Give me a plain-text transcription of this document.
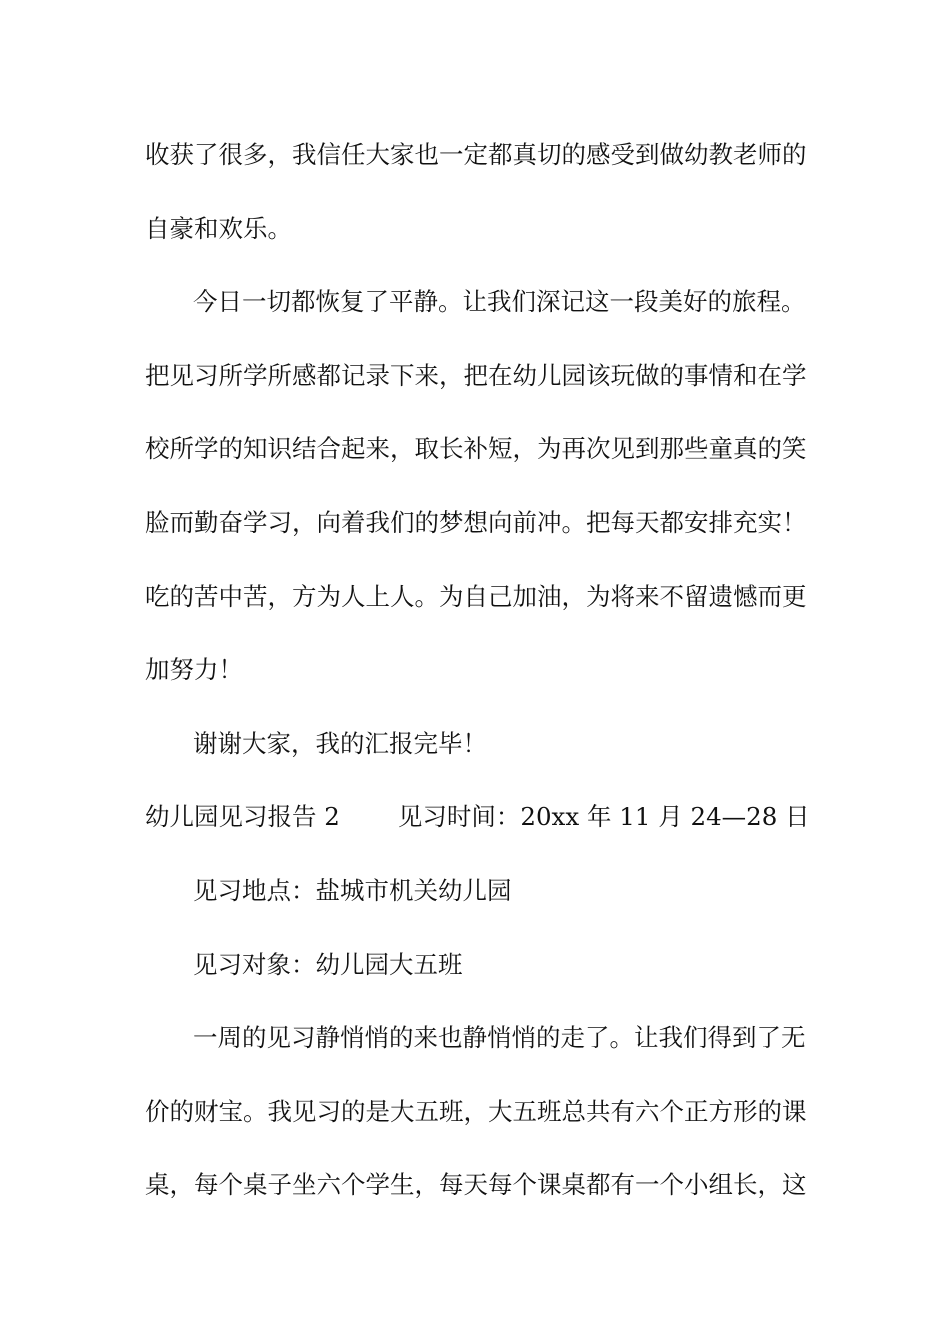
收获了很多，我信任大家也一定都真切的感受到做幼教老师的
自豪和欢乐。
今日一切都恢复了平静。让我们深记这一段美好的旅程。
把见习所学所感都记录下来，把在幼儿园该玩做的事情和在学
校所学的知识结合起来，取长补短，为再次见到那些童真的笑
脸而勤奋学习，向着我们的梦想向前冲。把每天都安排充实！
吃的苦中苦，方为人上人。为自己加油，为将来不留遗憾而更
加努力！
谢谢大家，我的汇报完毕！
幼儿园见习报告 2 见习时间：20xx 年 11 月 24—28 日
见习地点：盐城市机关幼儿园
见习对象：幼儿园大五班
一周的见习静悄悄的来也静悄悄的走了。让我们得到了无
价的财宝。我见习的是大五班，大五班总共有六个正方形的课
桌，每个桌子坐六个学生，每天每个课桌都有一个小组长，这
